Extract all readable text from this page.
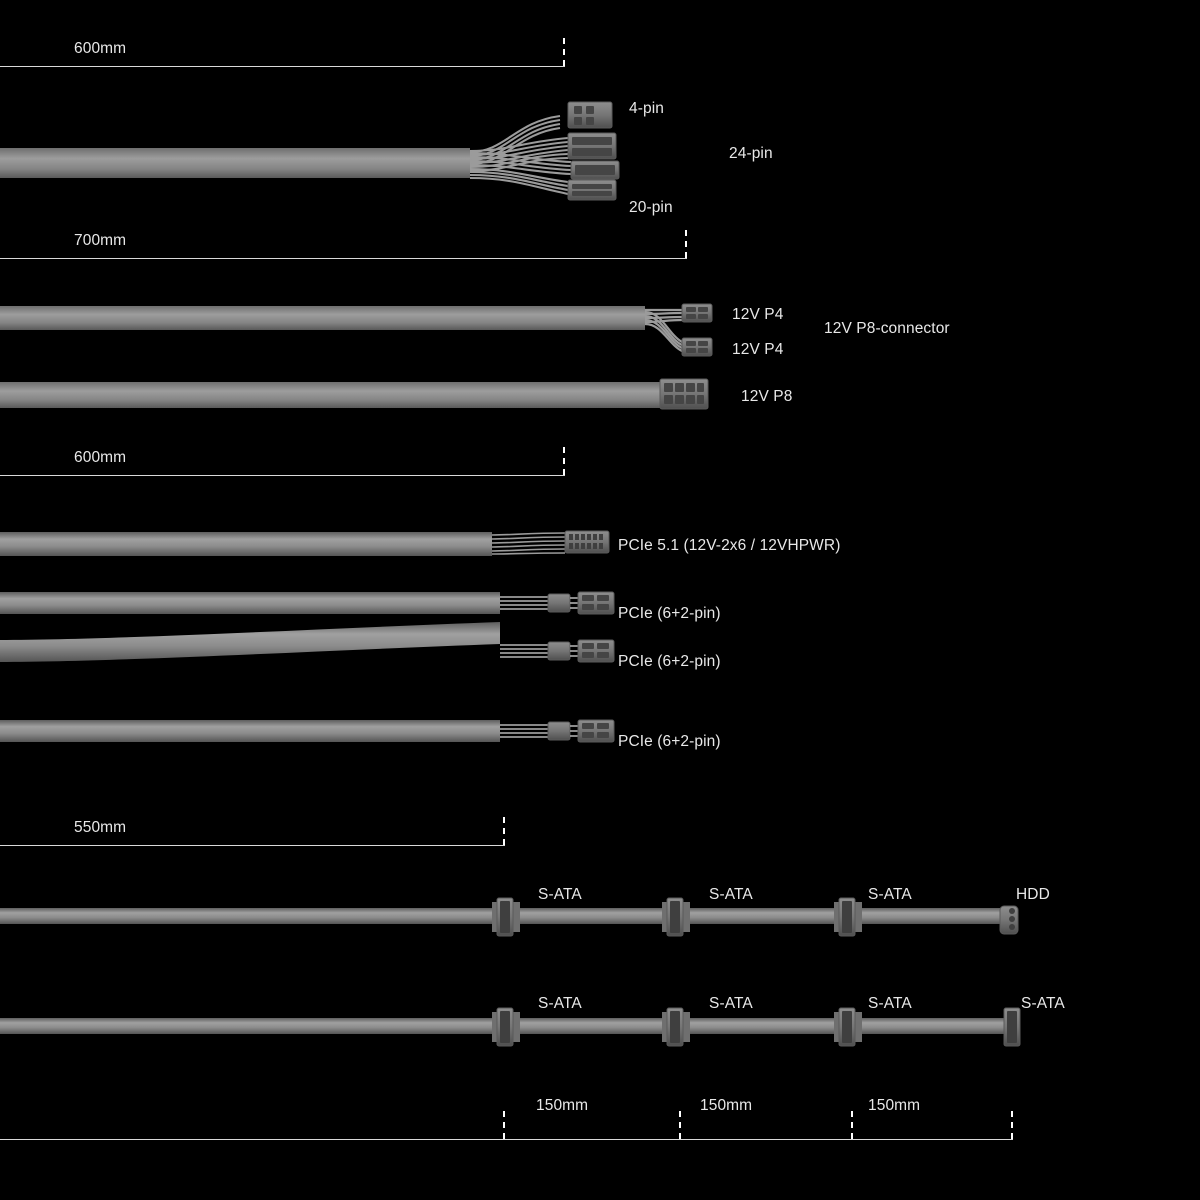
600mm
700mm
600mm
550mm
150mm	150mm	150mm
4-pin
24-pin
20-pin
12V P4
12V P8-connector
12V P4
12V P8
PCIe 5.1 (12V-2x6 / 12VHPWR)
PCIe (6+2-pin)
PCIe (6+2-pin)
PCIe (6+2-pin)
S-ATA	S-ATA	S-ATA	HDD
S-ATA	S-ATA	S-ATA	S-ATA
